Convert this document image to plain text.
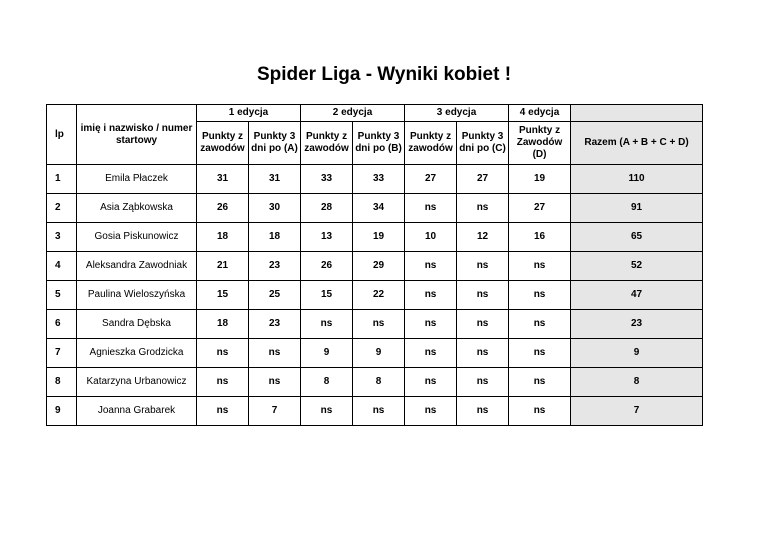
Spider Liga - Wyniki kobiet !
lp	imię i nazwisko / numer startowy	1 edycja		2 edycja		3 edycja		4 edycja	
		Punkty z zawodów	Punkty 3 dni po (A)	Punkty z zawodów	Punkty 3 dni po (B)	Punkty z zawodów	Punkty 3 dni po (C)	Punkty z Zawodów (D)	Razem (A + B + C + D)
1	Emila Płaczek	31	31	33	33	27	27	19	110
2	Asia Ząbkowska	26	30	28	34	ns	ns	27	91
3	Gosia Piskunowicz	18	18	13	19	10	12	16	65
4	Aleksandra Zawodniak	21	23	26	29	ns	ns	ns	52
5	Paulina Wieloszyńska	15	25	15	22	ns	ns	ns	47
6	Sandra Dębska	18	23	ns	ns	ns	ns	ns	23
7	Agnieszka Grodzicka	ns	ns	9	9	ns	ns	ns	9
8	Katarzyna Urbanowicz	ns	ns	8	8	ns	ns	ns	8
9	Joanna Grabarek	ns	7	ns	ns	ns	ns	ns	7
